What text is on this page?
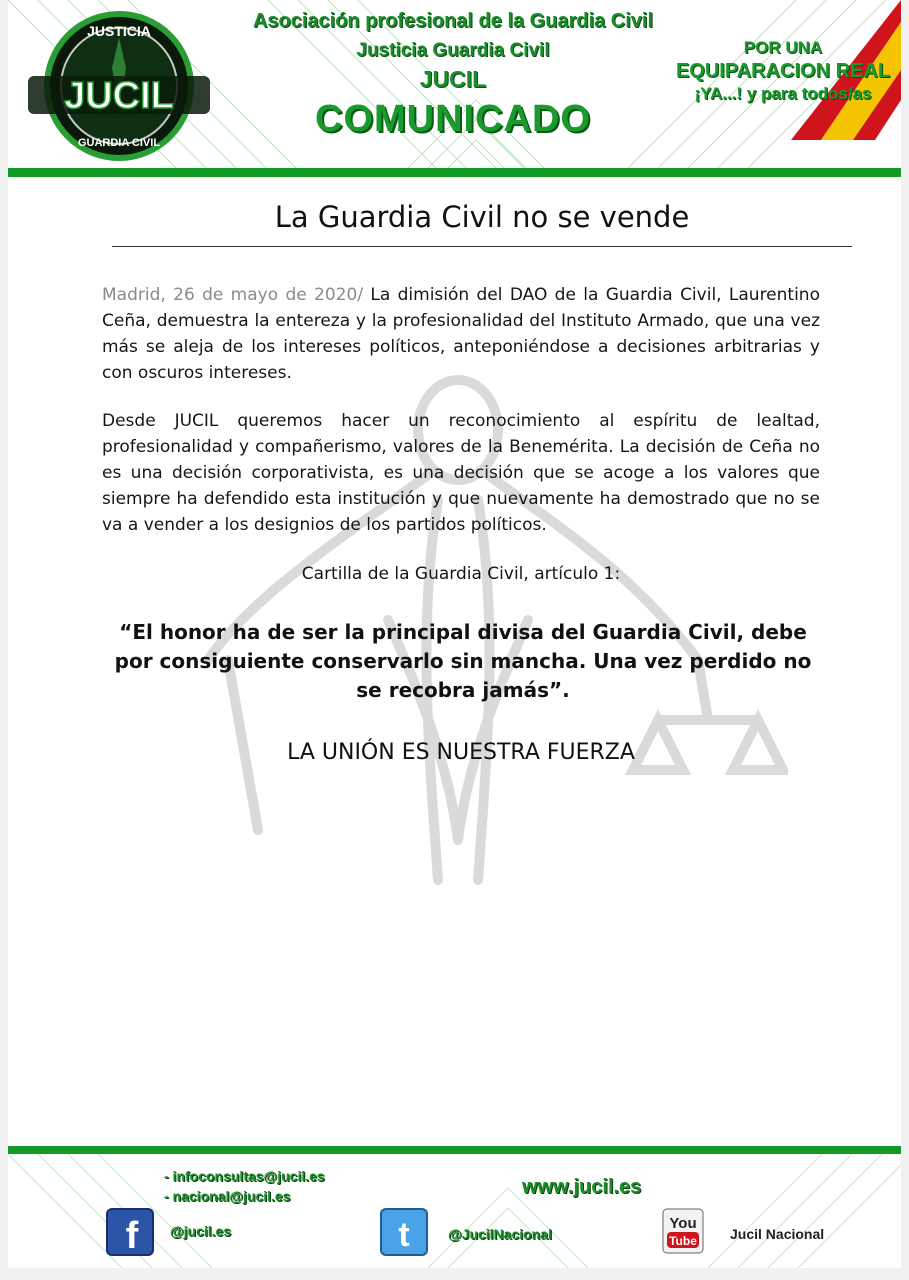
JUSTICIA
JUCIL
GUARDIA CIVIL
Asociación profesional de la Guardia Civil
Justicia Guardia Civil
JUCIL
COMUNICADO
POR UNA
EQUIPARACION REAL
¡YA...! y para todos/as
La Guardia Civil no se vende
Madrid, 26 de mayo de 2020/ La dimisión del DAO de la Guardia Civil, Laurentino Ceña, demuestra la entereza y la profesionalidad del Instituto Armado, que una vez más se aleja de los intereses políticos, anteponiéndose a decisiones arbitrarias y con oscuros intereses.
Desde JUCIL queremos hacer un reconocimiento al espíritu de lealtad, profesionalidad y compañerismo, valores de la Benemérita. La decisión de Ceña no es una decisión corporativista, es una decisión que se acoge a los valores que siempre ha defendido esta institución y que nuevamente ha demostrado que no se va a vender a los designios de los partidos políticos.
Cartilla de la Guardia Civil, artículo 1:
“El honor ha de ser la principal divisa del Guardia Civil, debe por consiguiente conservarlo sin mancha. Una vez perdido no se recobra jamás”.
LA UNIÓN ES NUESTRA FUERZA
- infoconsultas@jucil.es
- nacional@jucil.es	www.jucil.es
f @jucil.es	t	@JucilNacional
You
Tube Jucil Nacional
